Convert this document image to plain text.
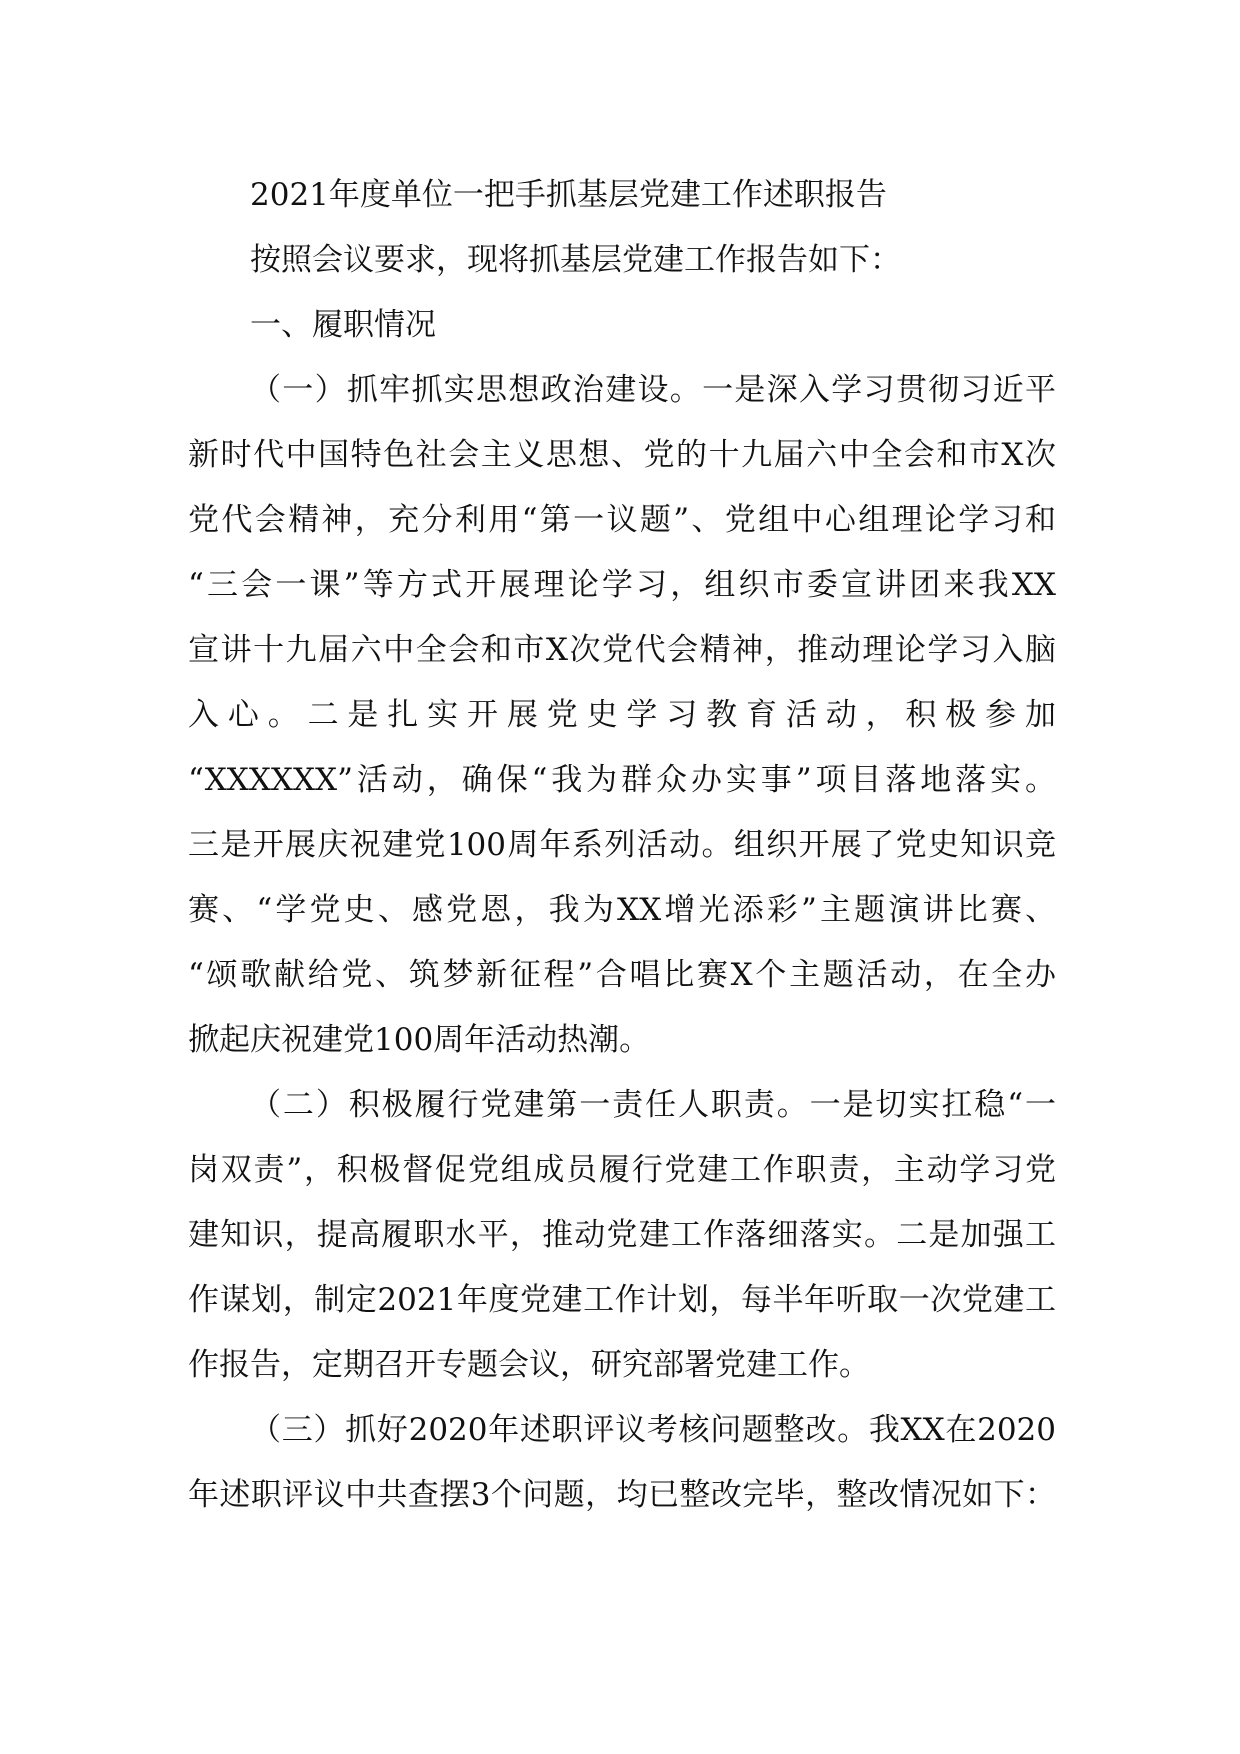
2021年度单位一把手抓基层党建工作述职报告

按照会议要求，现将抓基层党建工作报告如下：

一、履职情况

（一）抓牢抓实思想政治建设。一是深入学习贯彻习近平

新时代中国特色社会主义思想、党的十九届六中全会和市X次

党代会精神，充分利用“第一议题”、党组中心组理论学习和

“三会一课”等方式开展理论学习，组织市委宣讲团来我XX

宣讲十九届六中全会和市X次党代会精神，推动理论学习入脑

入心。二是扎实开展党史学习教育活动，积极参加

“XXXXXX”活动，确保“我为群众办实事”项目落地落实。

三是开展庆祝建党100周年系列活动。组织开展了党史知识竞

赛、“学党史、感党恩，我为XX增光添彩”主题演讲比赛、

“颂歌献给党、筑梦新征程”合唱比赛X个主题活动，在全办

掀起庆祝建党100周年活动热潮。

（二）积极履行党建第一责任人职责。一是切实扛稳“一

岗双责”，积极督促党组成员履行党建工作职责，主动学习党

建知识，提高履职水平，推动党建工作落细落实。二是加强工

作谋划，制定2021年度党建工作计划，每半年听取一次党建工

作报告，定期召开专题会议，研究部署党建工作。

（三）抓好2020年述职评议考核问题整改。我XX在2020

年述职评议中共查摆3个问题，均已整改完毕，整改情况如下：
